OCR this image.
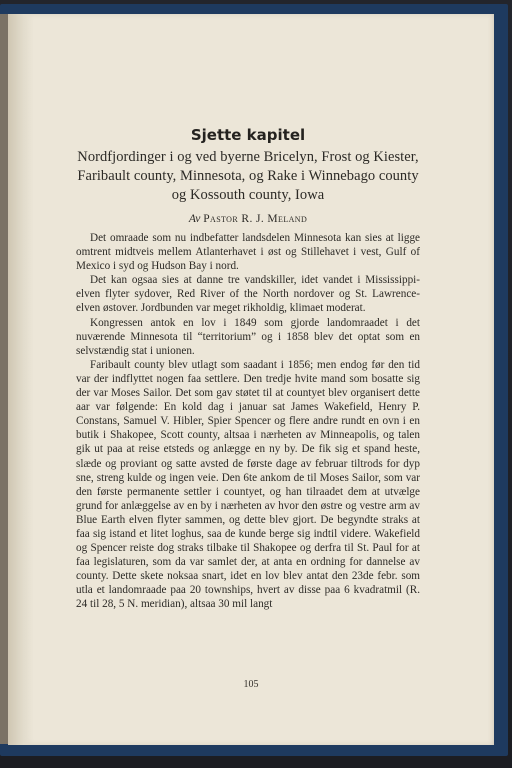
105
Sjette kapitel

Nordfjordinger i og ved byerne Bricelyn, Frost og Kiester, Faribault county, Minnesota, og Rake i Winnebago county og Kossouth county, Iowa

Av Pastor R. J. Meland

Det omraade som nu indbefatter landsdelen Minnesota kan sies at ligge omtrent midtveis mellem Atlanterhavet i øst og Stillehavet i vest, Gulf of Mexico i syd og Hudson Bay i nord.

Det kan ogsaa sies at danne tre vandskiller, idet vandet i Mississippi-elven flyter sydover, Red River of the North nordover og St. Lawrence-elven østover. Jordbunden var meget rikholdig, klimaet moderat.

Kongressen antok en lov i 1849 som gjorde landomraadet i det nuværende Minnesota til “territorium” og i 1858 blev det optat som en selvstændig stat i unionen.

Faribault county blev utlagt som saadant i 1856; men endog før den tid var der indflyttet nogen faa settlere. Den tredje hvite mand som bosatte sig der var Moses Sailor. Det som gav støtet til at countyet blev organisert dette aar var følgende: En kold dag i januar sat James Wakefield, Henry P. Constans, Samuel V. Hibler, Spier Spencer og flere andre rundt en ovn i en butik i Shakopee, Scott county, altsaa i nærheten av Minneapolis, og talen gik ut paa at reise etsteds og anlægge en ny by. De fik sig et spand heste, slæde og proviant og satte avsted de første dage av februar tiltrods for dyp sne, streng kulde og ingen veie. Den 6te ankom de til Moses Sailor, som var den første permanente settler i countyet, og han tilraadet dem at utvælge grund for anlæggelse av en by i nærheten av hvor den østre og vestre arm av Blue Earth elven flyter sammen, og dette blev gjort. De begyndte straks at faa sig istand et litet loghus, saa de kunde berge sig indtil videre. Wakefield og Spencer reiste dog straks tilbake til Shakopee og derfra til St. Paul for at faa legislaturen, som da var samlet der, at anta en ordning for dannelse av county. Dette skete noksaa snart, idet en lov blev antat den 23de febr. som utla et landomraade paa 20 townships, hvert av disse paa 6 kvadratmil (R. 24 til 28, 5 N. meridian), altsaa 30 mil langt
